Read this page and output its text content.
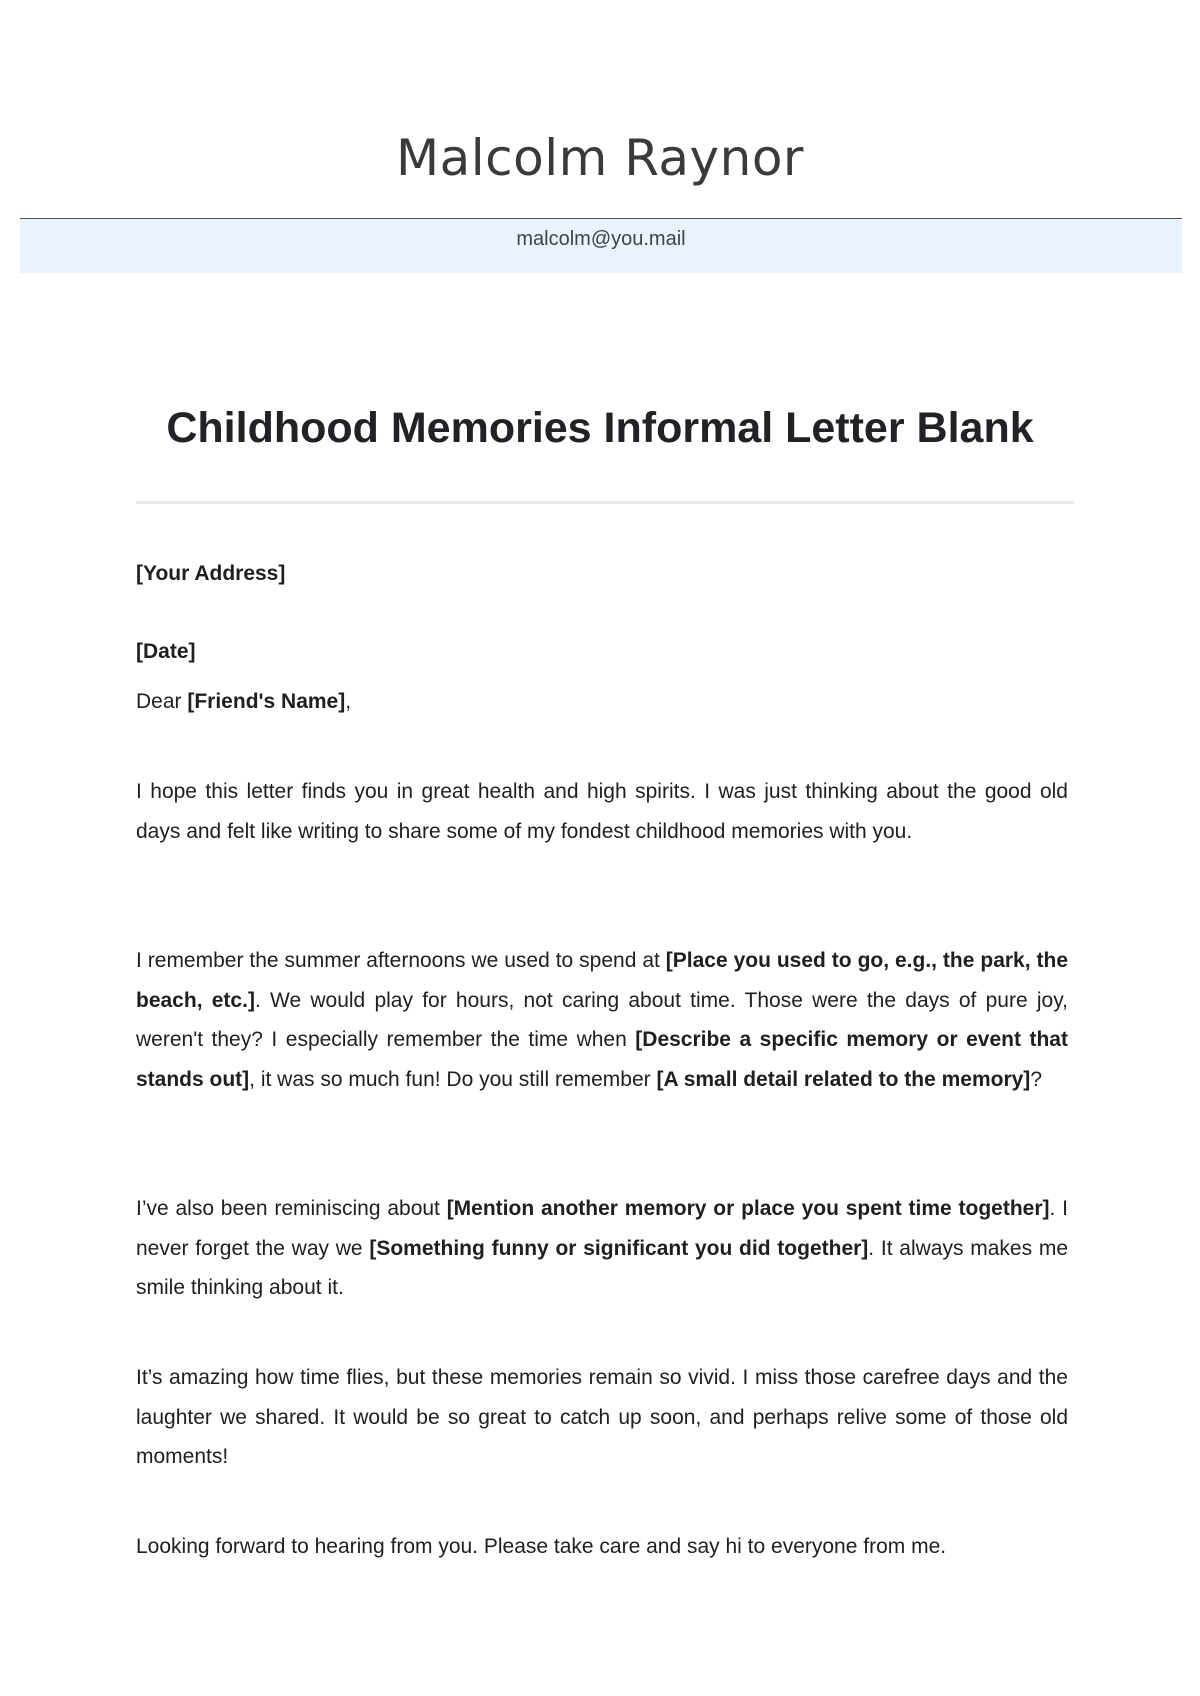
Malcolm Raynor
malcolm@you.mail
Childhood Memories Informal Letter Blank
[Your Address]
[Date]
Dear [Friend's Name],
I hope this letter finds you in great health and high spirits. I was just thinking about the good old days and felt like writing to share some of my fondest childhood memories with you.
I remember the summer afternoons we used to spend at [Place you used to go, e.g., the park, the beach, etc.]. We would play for hours, not caring about time. Those were the days of pure joy, weren't they? I especially remember the time when [Describe a specific memory or event that stands out], it was so much fun! Do you still remember [A small detail related to the memory]?
I’ve also been reminiscing about [Mention another memory or place you spent time together]. I never forget the way we [Something funny or significant you did together]. It always makes me smile thinking about it.
It’s amazing how time flies, but these memories remain so vivid. I miss those carefree days and the laughter we shared. It would be so great to catch up soon, and perhaps relive some of those old moments!
Looking forward to hearing from you. Please take care and say hi to everyone from me.
